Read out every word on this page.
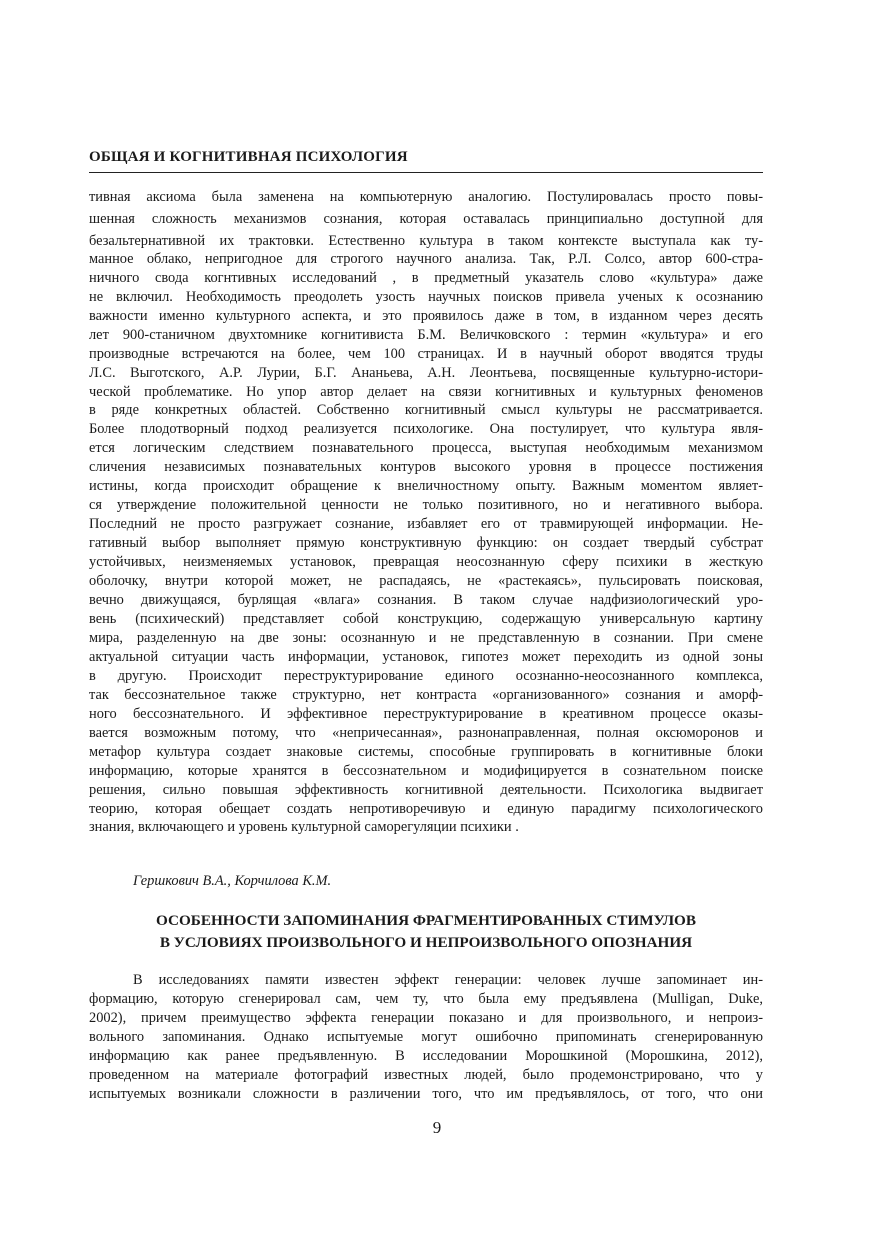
ОБЩАЯ И КОГНИТИВНАЯ ПСИХОЛОГИЯ
тивная аксиома была заменена на компьютерную аналогию. Постулировалась просто повы-
шенная сложность механизмов сознания, которая оставалась принципиально доступной для
безальтернативной их трактовки. Естественно культура в таком контексте выступала как ту-
манное облако, непригодное для строгого научного анализа. Так, Р.Л. Солсо, автор 600-стра-
ничного свода когнтивных исследований , в предметный указатель слово «культура» даже
не включил. Необходимость преодолеть узость научных поисков привела ученых к осознанию
важности именно культурного аспекта, и это проявилось даже в том, в изданном через десять
лет 900-станичном двухтомнике когнитивиста Б.М. Величковского : термин «культура» и его
производные встречаются на более, чем 100 страницах. И в научный оборот вводятся труды
Л.С. Выготского, А.Р. Лурии, Б.Г. Ананьева, А.Н. Леонтьева, посвященные культурно-истори-
ческой проблематике. Но упор автор делает на связи когнитивных и культурных феноменов
в ряде конкретных областей. Собственно когнитивный смысл культуры не рассматривается.
Более плодотворный подход реализуется психологике. Она постулирует, что культура явля-
ется логическим следствием познавательного процесса, выступая необходимым механизмом
сличения независимых познавательных контуров высокого уровня в процессе постижения
истины, когда происходит обращение к внеличностному опыту. Важным моментом являет-
ся утверждение положительной ценности не только позитивного, но и негативного выбора.
Последний не просто разгружает сознание, избавляет его от травмирующей информации. Не-
гативный выбор выполняет прямую конструктивную функцию: он создает твердый субстрат
устойчивых, неизменяемых установок, превращая неосознанную сферу психики в жесткую
оболочку, внутри которой может, не распадаясь, не «растекаясь», пульсировать поисковая,
вечно движущаяся, бурлящая «влага» сознания. В таком случае надфизиологический уро-
вень (психический) представляет собой конструкцию, содержащую универсальную картину
мира, разделенную на две зоны: осознанную и не представленную в сознании. При смене
актуальной ситуации часть информации, установок, гипотез может переходить из одной зоны
в другую. Происходит переструктурирование единого осознанно-неосознанного комплекса,
так бессознательное также структурно, нет контраста «организованного» сознания и аморф-
ного бессознательного. И эффективное переструктурирование в креативном процессе оказы-
вается возможным потому, что «непричесанная», разнонаправленная, полная оксюморонов и
метафор культура создает знаковые системы, способные группировать в когнитивные блоки
информацию, которые хранятся в бессознательном и модифицируется в сознательном поиске
решения, сильно повышая эффективность когнитивной деятельности. Психологика выдвигает
теорию, которая обещает создать непротиворечивую и единую парадигму психологического
знания, включающего и уровень культурной саморегуляции психики .

Гершкович В.А., Корчилова К.М.

ОСОБЕННОСТИ ЗАПОМИНАНИЯ ФРАГМЕНТИРОВАННЫХ СТИМУЛОВ
В УСЛОВИЯХ ПРОИЗВОЛЬНОГО И НЕПРОИЗВОЛЬНОГО ОПОЗНАНИЯ
В исследованиях памяти известен эффект генерации: человек лучше запоминает ин-
формацию, которую сгенерировал сам, чем ту, что была ему предъявлена (Mulligan, Duke,
2002), причем преимущество эффекта генерации показано и для произвольного, и непроиз-
вольного запоминания. Однако испытуемые могут ошибочно припоминать сгенерированную
информацию как ранее предъявленную. В исследовании Морошкиной (Морошкина, 2012),
проведенном на материале фотографий известных людей, было продемонстрировано, что у
испытуемых возникали сложности в различении того, что им предъявлялось, от того, что они
9
